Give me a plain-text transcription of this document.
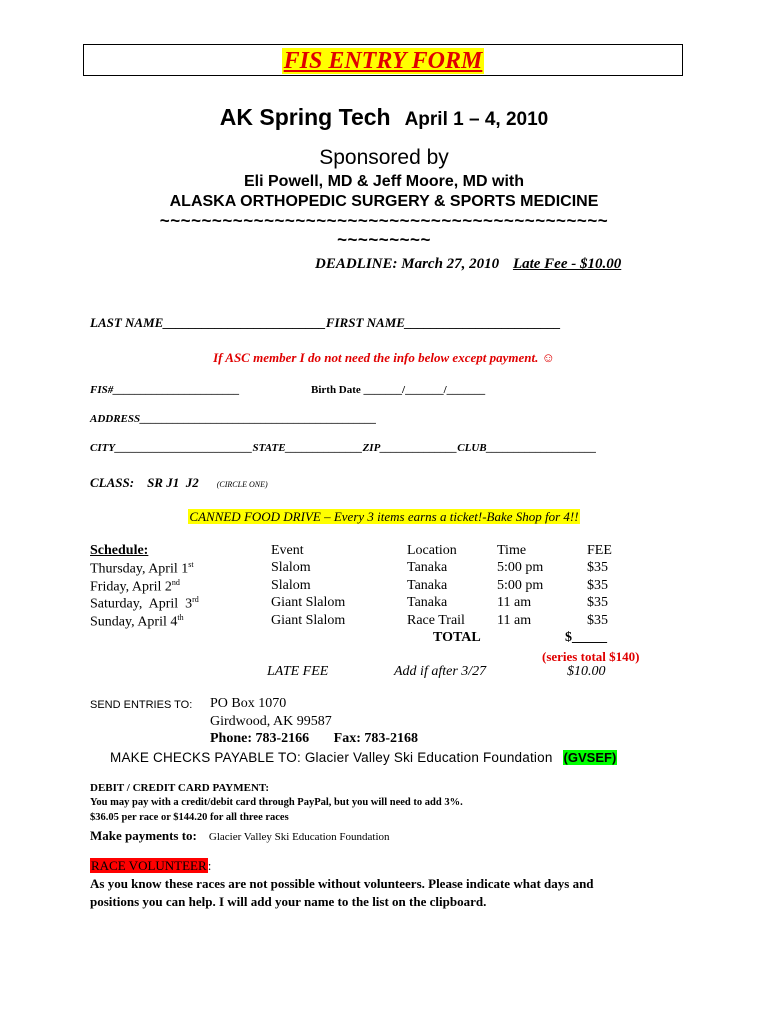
FIS ENTRY FORM
AK Spring Tech April 1 – 4, 2010
Sponsored by
Eli Powell, MD & Jeff Moore, MD with
ALASKA ORTHOPEDIC SURGERY & SPORTS MEDICINE
~~~~~~~~~~~~~~~~~~~~~~~~~~~~~~~~~~~~~~~~~~~
~~~~~~~~~
DEADLINE: March 27, 2010 Late Fee - $10.00
LAST NAME_________________________FIRST NAME________________________
If ASC member I do not need the info below except payment. ☺
FIS#_______________________	Birth Date _______/_______/_______
ADDRESS___________________________________________
CITY_________________________STATE______________ZIP______________CLUB____________________
CLASS:    SR J1  J2 (CIRCLE ONE)
CANNED FOOD DRIVE – Every 3 items earns a ticket!-Bake Shop for 4!!
Schedule:	Event	Location	Time	FEE
Thursday, April 1st	Slalom	Tanaka	5:00 pm	$35
Friday, April 2nd	Slalom	Tanaka	5:00 pm	$35
Saturday,  April  3rd	Giant Slalom	Tanaka	11 am	$35
Sunday, April 4th	Giant Slalom	Race Trail	11 am	$35
TOTAL	$_____
(series total $140)
LATE FEE	Add if after 3/27	$10.00
SEND ENTRIES TO: PO Box 1070
Girdwood, AK 99587
Phone: 783-2166       Fax: 783-2168
MAKE CHECKS PAYABLE TO: Glacier Valley Ski Education Foundation (GVSEF)
DEBIT / CREDIT CARD PAYMENT:
You may pay with a credit/debit card through PayPal, but you will need to add 3%.
$36.05 per race or $144.20 for all three races
Make payments to: Glacier Valley Ski Education Foundation
RACE VOLUNTEER:
As you know these races are not possible without volunteers. Please indicate what days and
positions you can help. I will add your name to the list on the clipboard.
